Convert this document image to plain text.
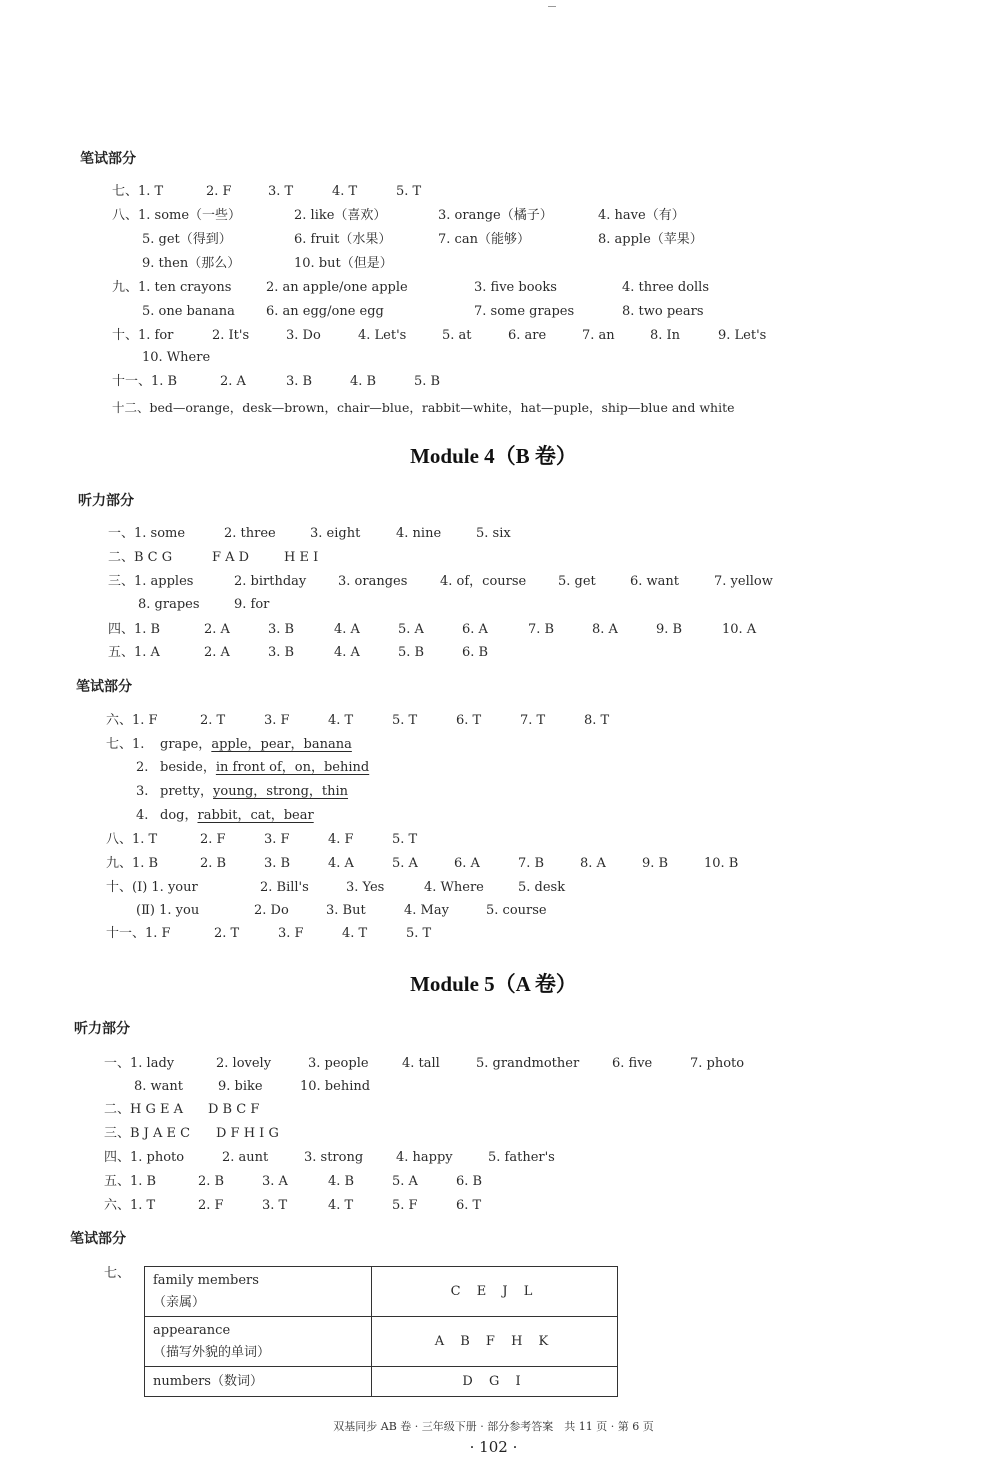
笔试部分
七、1. T	2. F	3. T	4. T	5. T
八、1. some（一些）	2. like（喜欢）	3. orange（橘子）	4. have（有）
5. get（得到）	6. fruit（水果）	7. can（能够）	8. apple（苹果）
9. then（那么）	10. but（但是）
九、1. ten crayons	2. an apple/one apple	3. five books	4. three dolls
5. one banana 6. an egg/one egg	7. some grapes	8. two pears
十、1. for	2. It's	3. Do	4. Let's	5. at	6. are	7. an	8. In	9. Let's
10. Where
十一、1. B	2. A	3. B	4. B	5. B
十二、bed—orange，desk—brown，chair—blue，rabbit—white，hat—puple，ship—blue and white
Module 4（B 卷）
听力部分
一、1. some	2. three	3. eight	4. nine	5. six
二、B C G	F A D	H E I
三、1. apples	2. birthday 3. oranges	4. of，course 5. get	6. want	7. yellow
8. grapes	9. for
四、1. B	2. A	3. B	4. A	5. A	6. A	7. B	8. A	9. B	10. A
五、1. A	2. A	3. B	4. A	5. B	6. B
笔试部分
六、1. F	2. T	3. F	4. T	5. T	6. T	7. T	8. T
七、1. grape，apple，pear，banana
2. beside，in front of，on，behind
3. pretty，young，strong，thin
4. dog，rabbit，cat，bear
八、1. T	2. F	3. F	4. F	5. T
九、1. B	2. B	3. B	4. A	5. A	6. A	7. B	8. A	9. B	10. B
十、(Ⅰ) 1. your	2. Bill's	3. Yes	4. Where	5. desk
(Ⅱ) 1. you	2. Do	3. But	4. May	5. course
十一、1. F	2. T	3. F	4. T	5. T
Module 5（A 卷）
听力部分
一、1. lady	2. lovely	3. people	4. tall	5. grandmother	6. five	7. photo
8. want	9. bike	10. behind
二、H G E A D B C F
三、B J A E C D F H I G
四、1. photo	2. aunt	3. strong	4. happy	5. father's
五、1. B	2. B	3. A	4. B	5. A	6. B
六、1. T	2. F	3. T	4. T	5. F	6. T
笔试部分
七、 family members
（亲属）	C E J L

appearance
（描写外貌的单词）	A B F H K

numbers（数词）	D G I
双基同步 AB 卷 · 三年级下册 · 部分参考答案　共 11 页 · 第 6 页
· 102 ·
